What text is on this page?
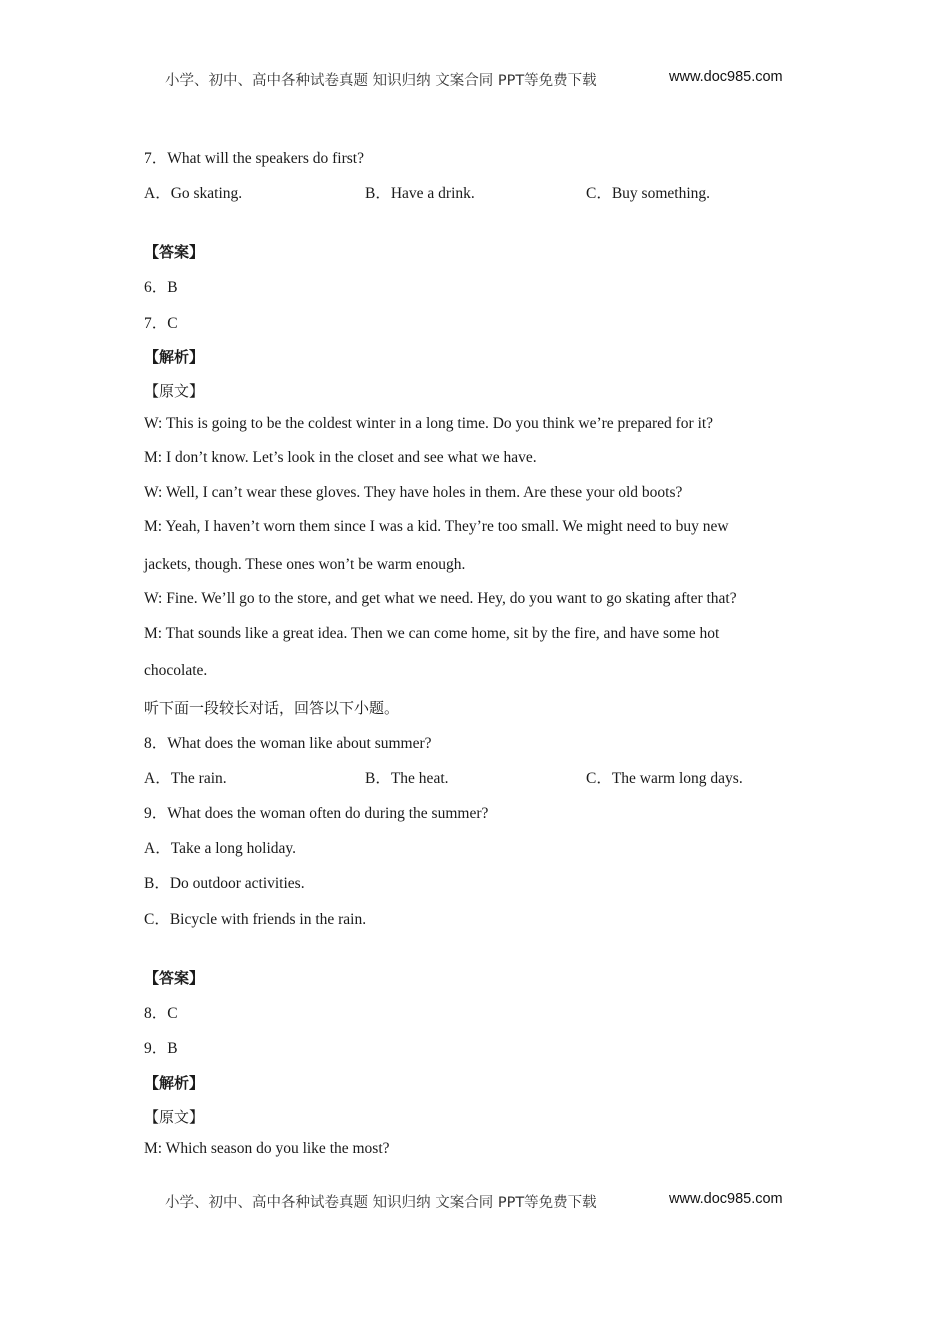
小学、初中、高中各种试卷真题 知识归纳 文案合同 PPT等免费下载	www.doc985.com
7．What will the speakers do first?
A．Go skating.	B．Have a drink.	C．Buy something.
【答案】
6．B
7．C
【解析】
【原文】
W: This is going to be the coldest winter in a long time. Do you think we’re prepared for it?
M: I don’t know. Let’s look in the closet and see what we have.
W: Well, I can’t wear these gloves. They have holes in them. Are these your old boots?
M: Yeah, I haven’t worn them since I was a kid. They’re too small. We might need to buy new
jackets, though. These ones won’t be warm enough.
W: Fine. We’ll go to the store, and get what we need. Hey, do you want to go skating after that?
M: That sounds like a great idea. Then we can come home, sit by the fire, and have some hot
chocolate.
听下面一段较长对话，回答以下小题。
8．What does the woman like about summer?
A．The rain.	B．The heat.	C．The warm long days.
9．What does the woman often do during the summer?
A．Take a long holiday.
B．Do outdoor activities.
C．Bicycle with friends in the rain.
【答案】
8．C
9．B
【解析】
【原文】
M: Which season do you like the most?
小学、初中、高中各种试卷真题 知识归纳 文案合同 PPT等免费下载	www.doc985.com
